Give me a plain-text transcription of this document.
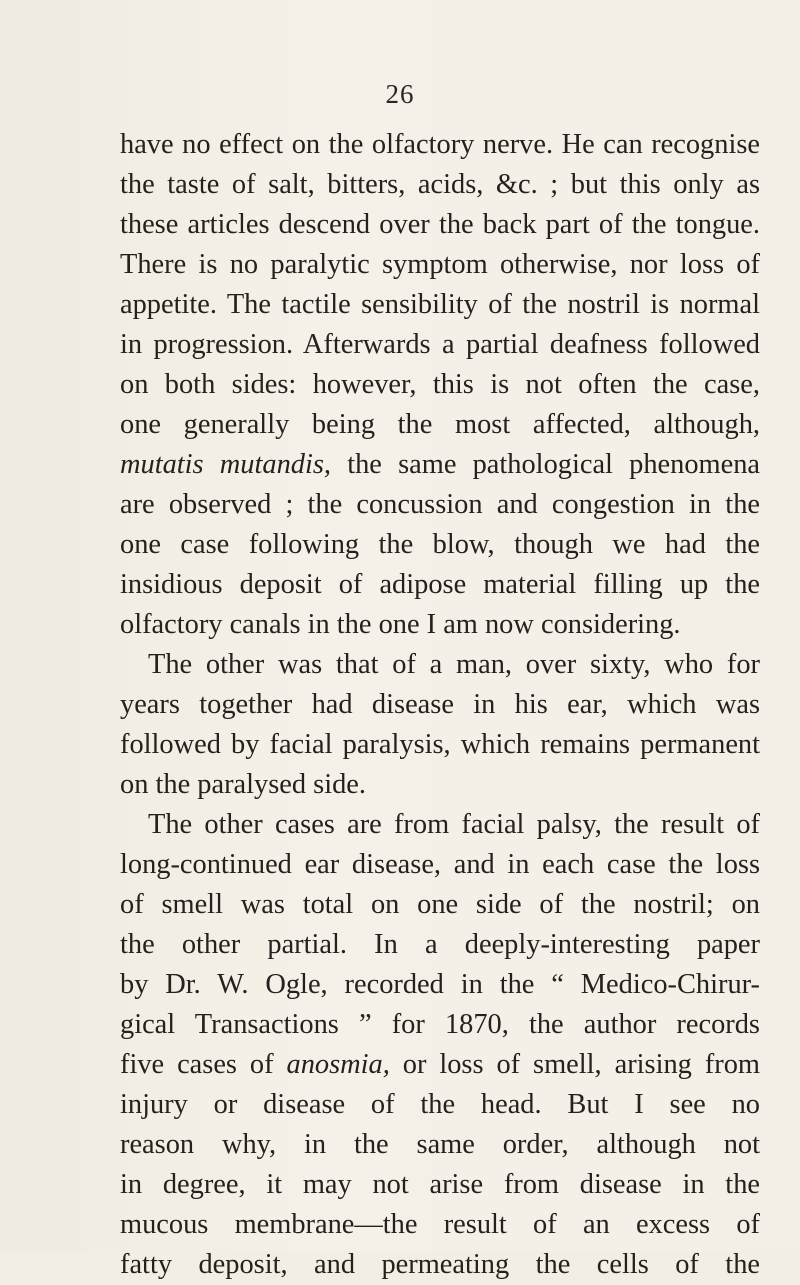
26
have no effect on the olfactory nerve. He can recognise
the taste of salt, bitters, acids, &c. ; but this only as
these articles descend over the back part of the tongue.
There is no paralytic symptom otherwise, nor loss of
appetite. The tactile sensibility of the nostril is normal
in progression. Afterwards a partial deafness followed
on both sides: however, this is not often the case,
one generally being the most affected, although,
mutatis mutandis, the same pathological phenomena
are observed ; the concussion and congestion in the
one case following the blow, though we had the
insidious deposit of adipose material filling up the
olfactory canals in the one I am now considering.
The other was that of a man, over sixty, who for
years together had disease in his ear, which was
followed by facial paralysis, which remains permanent
on the paralysed side.
The other cases are from facial palsy, the result of
long-continued ear disease, and in each case the loss
of smell was total on one side of the nostril; on
the other partial. In a deeply-interesting paper
by Dr. W. Ogle, recorded in the “ Medico-Chirur-
gical Transactions ” for 1870, the author records
five cases of anosmia, or loss of smell, arising from
injury or disease of the head. But I see no
reason why, in the same order, although not
in degree, it may not arise from disease in the
mucous membrane—the result of an excess of
fatty deposit, and permeating the cells of the
